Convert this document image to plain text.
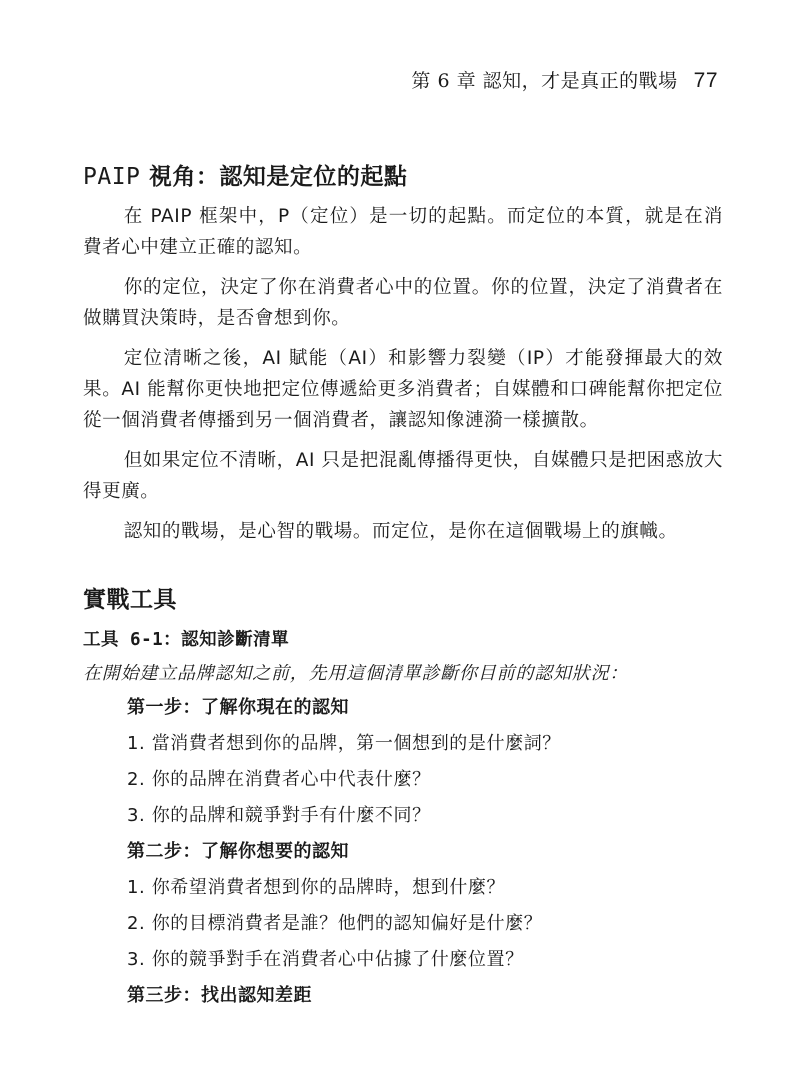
第 6 章 認知，才是真正的戰場 77
PAIP 視角：認知是定位的起點

在 PAIP 框架中，P（定位）是一切的起點。而定位的本質，就是在消費者心中建立正確的認知。

你的定位，決定了你在消費者心中的位置。你的位置，決定了消費者在做購買決策時，是否會想到你。

定位清晰之後，AI 賦能（AI）和影響力裂變（IP）才能發揮最大的效果。AI 能幫你更快地把定位傳遞給更多消費者；自媒體和口碑能幫你把定位從一個消費者傳播到另一個消費者，讓認知像漣漪一樣擴散。

但如果定位不清晰，AI 只是把混亂傳播得更快，自媒體只是把困惑放大得更廣。

認知的戰場，是心智的戰場。而定位，是你在這個戰場上的旗幟。

實戰工具
工具 6-1：認知診斷清單

在開始建立品牌認知之前，先用這個清單診斷你目前的認知狀況：

第一步：了解你現在的認知
1. 當消費者想到你的品牌，第一個想到的是什麼詞？
2. 你的品牌在消費者心中代表什麼？
3. 你的品牌和競爭對手有什麼不同？
第二步：了解你想要的認知
1. 你希望消費者想到你的品牌時，想到什麼？
2. 你的目標消費者是誰？他們的認知偏好是什麼？
3. 你的競爭對手在消費者心中佔據了什麼位置？
第三步：找出認知差距
